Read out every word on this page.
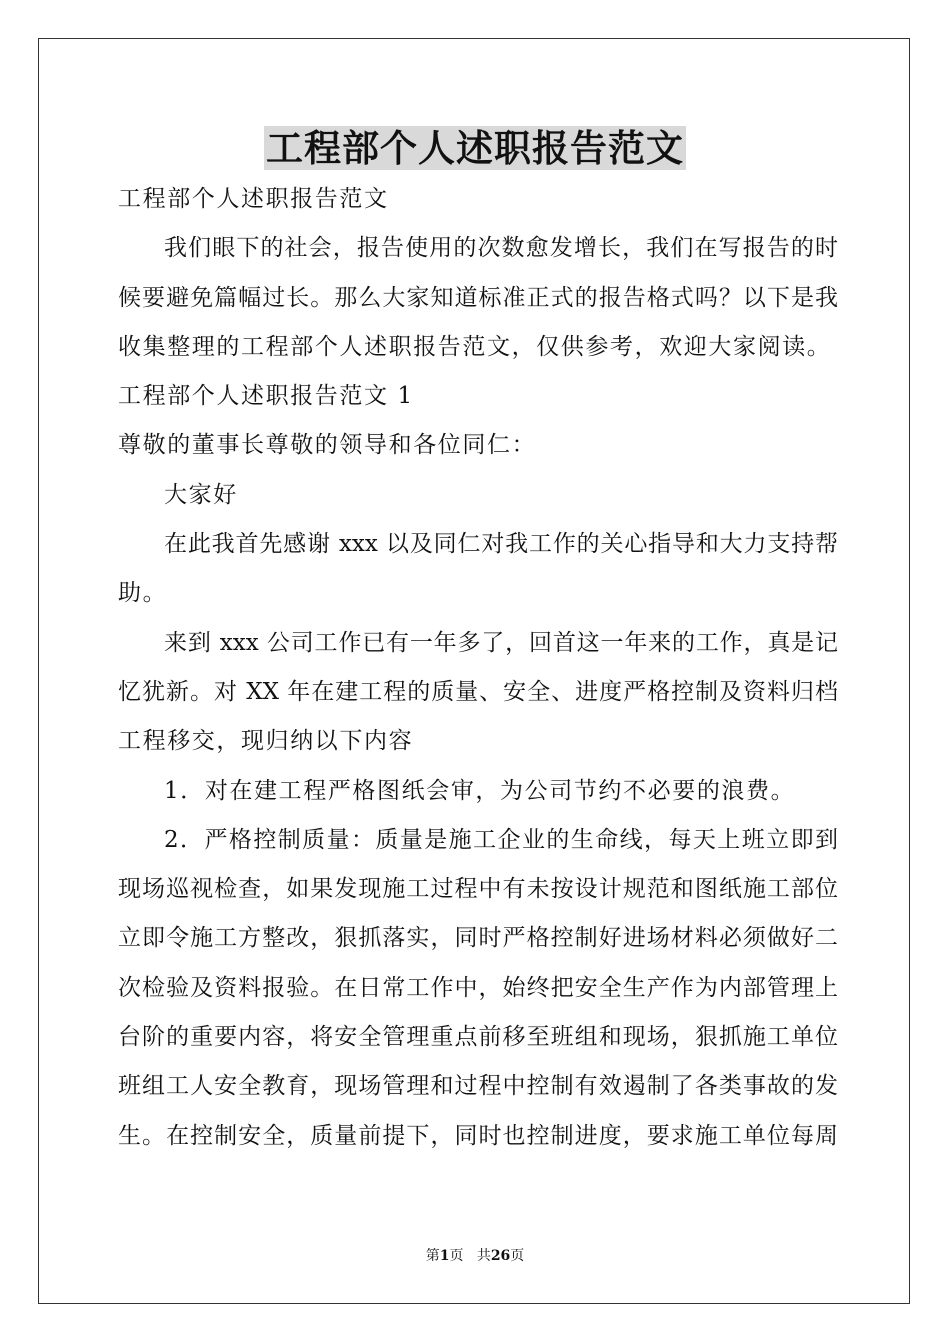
工程部个人述职报告范文
工程部个人述职报告范文
我们眼下的社会，报告使用的次数愈发增长，我们在写报告的时
候要避免篇幅过长。那么大家知道标准正式的报告格式吗？以下是我
收集整理的工程部个人述职报告范文，仅供参考，欢迎大家阅读。
工程部个人述职报告范文 1
尊敬的董事长尊敬的领导和各位同仁：
大家好
在此我首先感谢 xxx 以及同仁对我工作的关心指导和大力支持帮
助。
来到 xxx 公司工作已有一年多了，回首这一年来的工作，真是记
忆犹新。对 XX 年在建工程的质量、安全、进度严格控制及资料归档
工程移交，现归纳以下内容
1．对在建工程严格图纸会审，为公司节约不必要的浪费。
2．严格控制质量：质量是施工企业的生命线，每天上班立即到
现场巡视检查，如果发现施工过程中有未按设计规范和图纸施工部位
立即令施工方整改，狠抓落实，同时严格控制好进场材料必须做好二
次检验及资料报验。在日常工作中，始终把安全生产作为内部管理上
台阶的重要内容，将安全管理重点前移至班组和现场，狠抓施工单位
班组工人安全教育，现场管理和过程中控制有效遏制了各类事故的发
生。在控制安全，质量前提下，同时也控制进度，要求施工单位每周
第1页 共26页
